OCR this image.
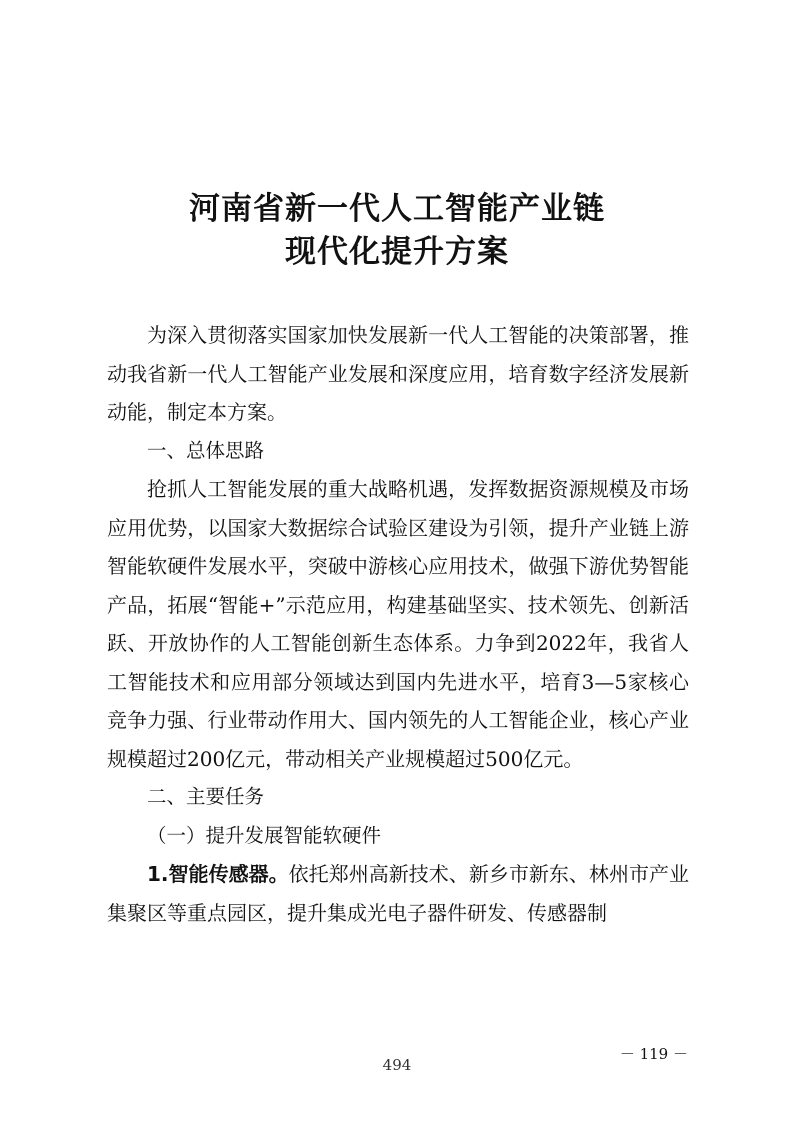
河南省新一代人工智能产业链
现代化提升方案

为深入贯彻落实国家加快发展新一代人工智能的决策部署，推动我省新一代人工智能产业发展和深度应用，培育数字经济发展新动能，制定本方案。

一、总体思路

抢抓人工智能发展的重大战略机遇，发挥数据资源规模及市场应用优势，以国家大数据综合试验区建设为引领，提升产业链上游智能软硬件发展水平，突破中游核心应用技术，做强下游优势智能产品，拓展“智能+”示范应用，构建基础坚实、技术领先、创新活跃、开放协作的人工智能创新生态体系。力争到2022年，我省人工智能技术和应用部分领域达到国内先进水平，培育3—5家核心竞争力强、行业带动作用大、国内领先的人工智能企业，核心产业规模超过200亿元，带动相关产业规模超过500亿元。

二、主要任务

（一）提升发展智能软硬件

1.智能传感器。依托郑州高新技术、新乡市新东、林州市产业集聚区等重点园区，提升集成光电子器件研发、传感器制

－ 119 －
494
